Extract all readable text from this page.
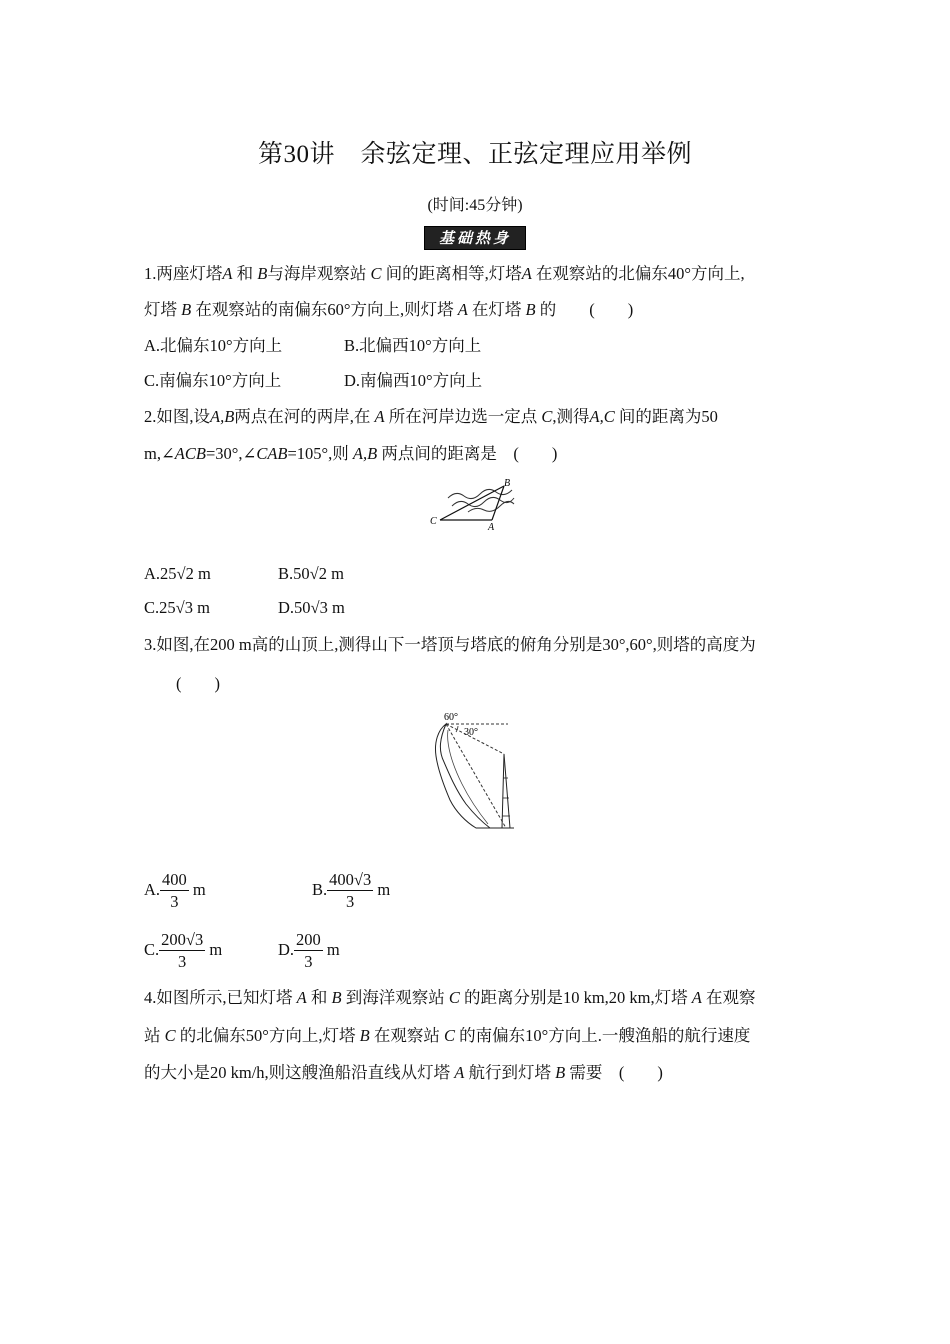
第30讲　余弦定理、正弦定理应用举例
(时间:45分钟)
基础热身
1.两座灯塔A 和 B与海岸观察站 C 间的距离相等,灯塔A 在观察站的北偏东40°方向上,
灯塔 B 在观察站的南偏东60°方向上,则灯塔 A 在灯塔 B 的　　(　　)
A.北偏东10°方向上	B.北偏西10°方向上
C.南偏东10°方向上	D.南偏西10°方向上
2.如图,设A,B两点在河的两岸,在 A 所在河岸边选一定点 C,测得A,C 间的距离为50
m,∠ACB=30°,∠CAB=105°,则 A,B 两点间的距离是　(　　)
C
A
B
A.25√2 m	B.50√2 m
C.25√3 m	D.50√3 m
3.如图,在200 m高的山顶上,测得山下一塔顶与塔底的俯角分别是30°,60°,则塔的高度为
(　　)
60°
30°
A. $\frac{400}{3}$ m	B. $\frac{400√3}{3}$ m
C. $\frac{200√3}{3}$ m	D. $\frac{200}{3}$ m
4.如图所示,已知灯塔 A 和 B 到海洋观察站 C 的距离分别是10 km,20 km,灯塔 A 在观察
站 C 的北偏东50°方向上,灯塔 B 在观察站 C 的南偏东10°方向上.一艘渔船的航行速度
的大小是20 km/h,则这艘渔船沿直线从灯塔 A 航行到灯塔 B 需要　(　　)
